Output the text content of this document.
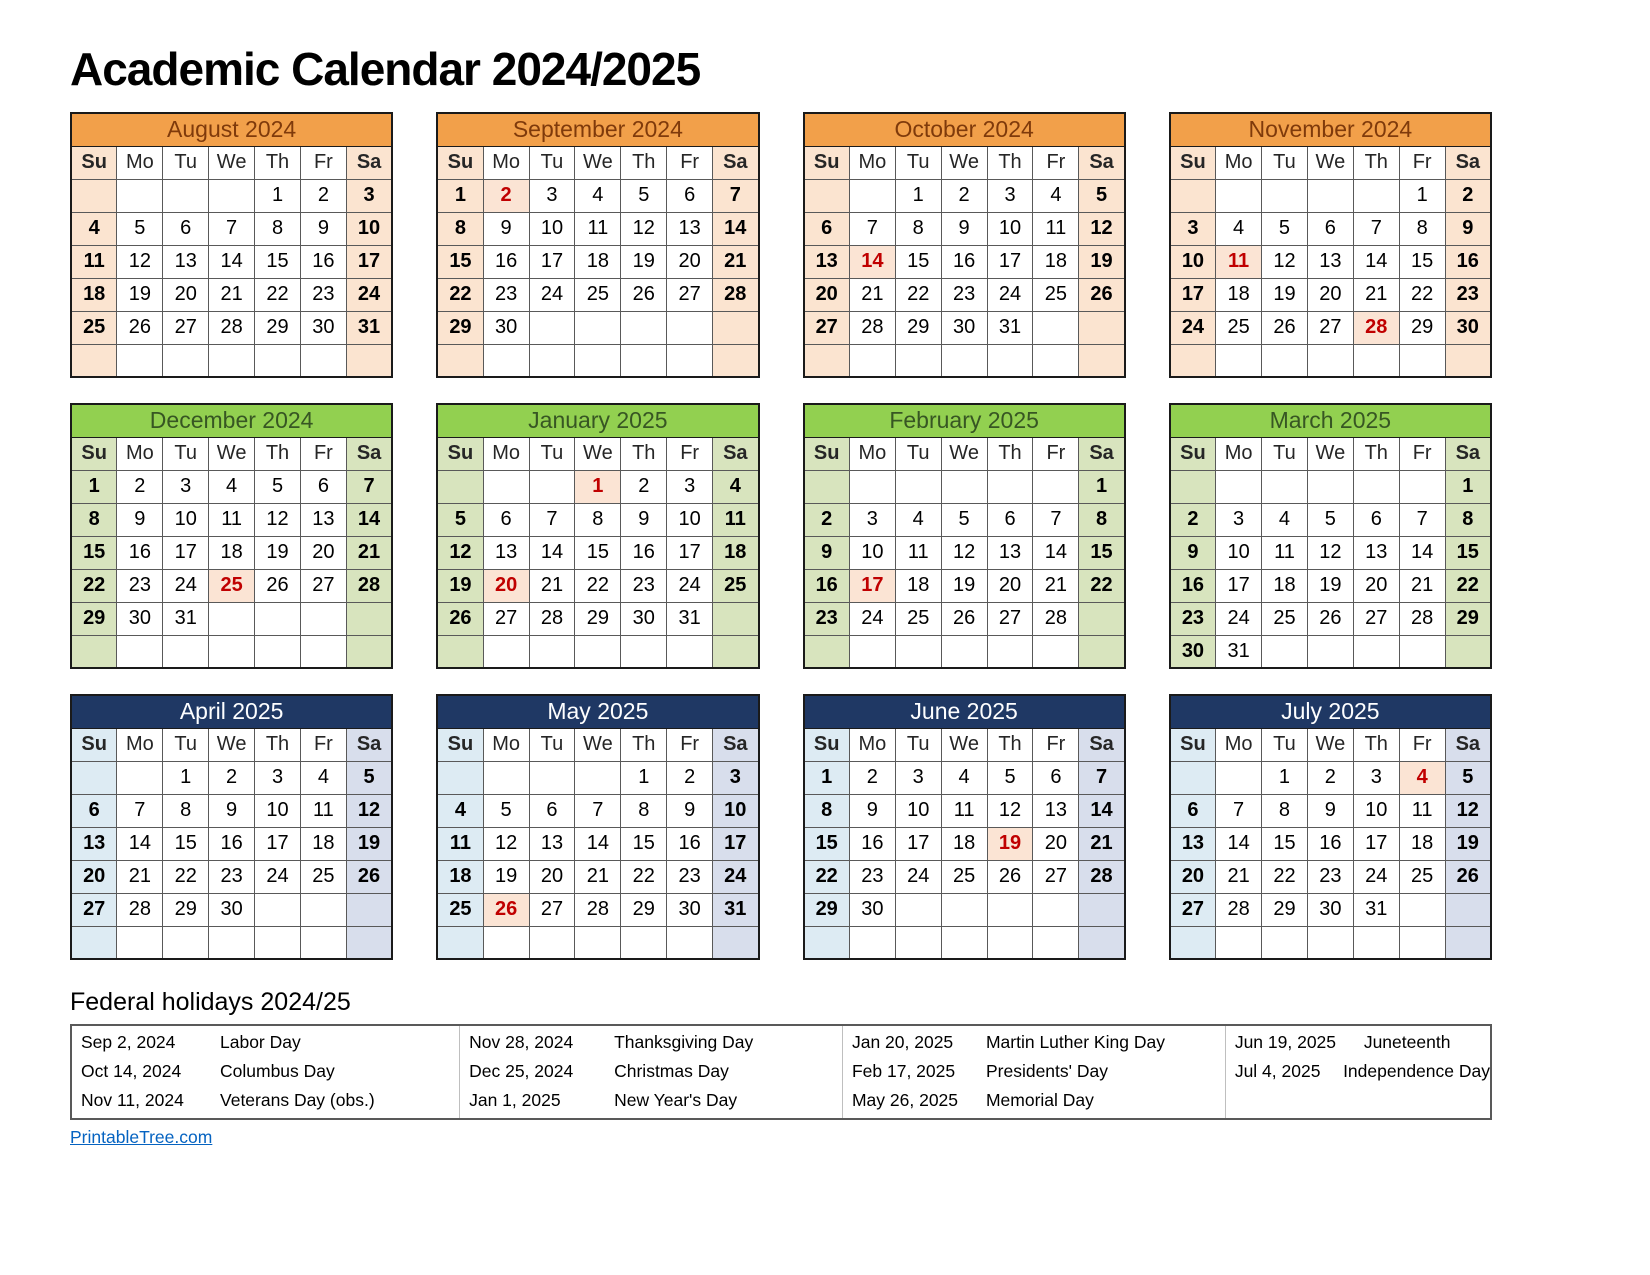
Academic Calendar 2024/2025
August 2024						
Su	Mo	Tu	We	Th	Fr	Sa
				1	2	3
4	5	6	7	8	9	10
11	12	13	14	15	16	17
18	19	20	21	22	23	24
25	26	27	28	29	30	31

September 2024						
Su	Mo	Tu	We	Th	Fr	Sa
1	2	3	4	5	6	7
8	9	10	11	12	13	14
15	16	17	18	19	20	21
22	23	24	25	26	27	28
29	30					

October 2024						
Su	Mo	Tu	We	Th	Fr	Sa
		1	2	3	4	5
6	7	8	9	10	11	12
13	14	15	16	17	18	19
20	21	22	23	24	25	26
27	28	29	30	31		

November 2024						
Su	Mo	Tu	We	Th	Fr	Sa
					1	2
3	4	5	6	7	8	9
10	11	12	13	14	15	16
17	18	19	20	21	22	23
24	25	26	27	28	29	30

December 2024						
Su	Mo	Tu	We	Th	Fr	Sa
1	2	3	4	5	6	7
8	9	10	11	12	13	14
15	16	17	18	19	20	21
22	23	24	25	26	27	28
29	30	31				

January 2025						
Su	Mo	Tu	We	Th	Fr	Sa
			1	2	3	4
5	6	7	8	9	10	11
12	13	14	15	16	17	18
19	20	21	22	23	24	25
26	27	28	29	30	31	

February 2025						
Su	Mo	Tu	We	Th	Fr	Sa
						1
2	3	4	5	6	7	8
9	10	11	12	13	14	15
16	17	18	19	20	21	22
23	24	25	26	27	28	

March 2025						
Su	Mo	Tu	We	Th	Fr	Sa
						1
2	3	4	5	6	7	8
9	10	11	12	13	14	15
16	17	18	19	20	21	22
23	24	25	26	27	28	29
30	31					
April 2025						
Su	Mo	Tu	We	Th	Fr	Sa
		1	2	3	4	5
6	7	8	9	10	11	12
13	14	15	16	17	18	19
20	21	22	23	24	25	26
27	28	29	30			

May 2025						
Su	Mo	Tu	We	Th	Fr	Sa
				1	2	3
4	5	6	7	8	9	10
11	12	13	14	15	16	17
18	19	20	21	22	23	24
25	26	27	28	29	30	31

June 2025						
Su	Mo	Tu	We	Th	Fr	Sa
1	2	3	4	5	6	7
8	9	10	11	12	13	14
15	16	17	18	19	20	21
22	23	24	25	26	27	28
29	30					

July 2025						
Su	Mo	Tu	We	Th	Fr	Sa
		1	2	3	4	5
6	7	8	9	10	11	12
13	14	15	16	17	18	19
20	21	22	23	24	25	26
27	28	29	30	31		

Federal holidays 2024/25
Sep 2, 2024	Labor Day
Oct 14, 2024	Columbus Day
Nov 11, 2024	Veterans Day (obs.)
Nov 28, 2024	Thanksgiving Day
Dec 25, 2024	Christmas Day
Jan 1, 2025	New Year's Day
Jan 20, 2025	Martin Luther King Day
Feb 17, 2025	Presidents' Day
May 26, 2025	Memorial Day
Jun 19, 2025	Juneteenth
Jul 4, 2025	Independence Day
PrintableTree.com
